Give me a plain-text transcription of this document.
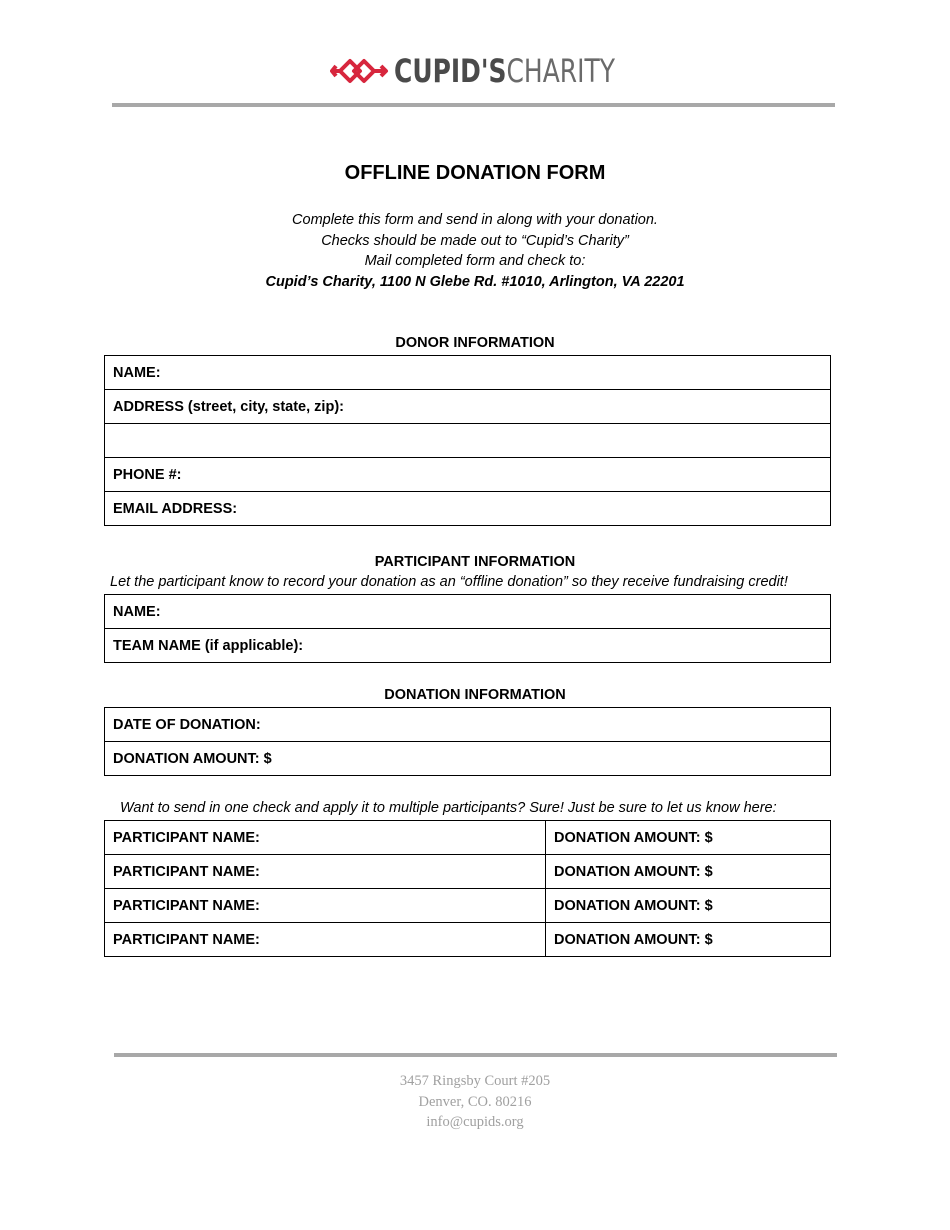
CUPID'SCHARITY
OFFLINE DONATION FORM
Complete this form and send in along with your donation.
Checks should be made out to “Cupid’s Charity”
Mail completed form and check to:
Cupid’s Charity, 1100 N Glebe Rd. #1010, Arlington, VA 22201
DONOR INFORMATION
NAME:
ADDRESS (street, city, state, zip):

PHONE #:
EMAIL ADDRESS:
PARTICIPANT INFORMATION
Let the participant know to record your donation as an “offline donation” so they receive fundraising credit!
NAME:
TEAM NAME (if applicable):
DONATION INFORMATION
DATE OF DONATION:
DONATION AMOUNT: $
Want to send in one check and apply it to multiple participants? Sure! Just be sure to let us know here:
PARTICIPANT NAME:	DONATION AMOUNT: $
PARTICIPANT NAME:	DONATION AMOUNT: $
PARTICIPANT NAME:	DONATION AMOUNT: $
PARTICIPANT NAME:	DONATION AMOUNT: $
3457 Ringsby Court #205
Denver, CO. 80216
info@cupids.org
